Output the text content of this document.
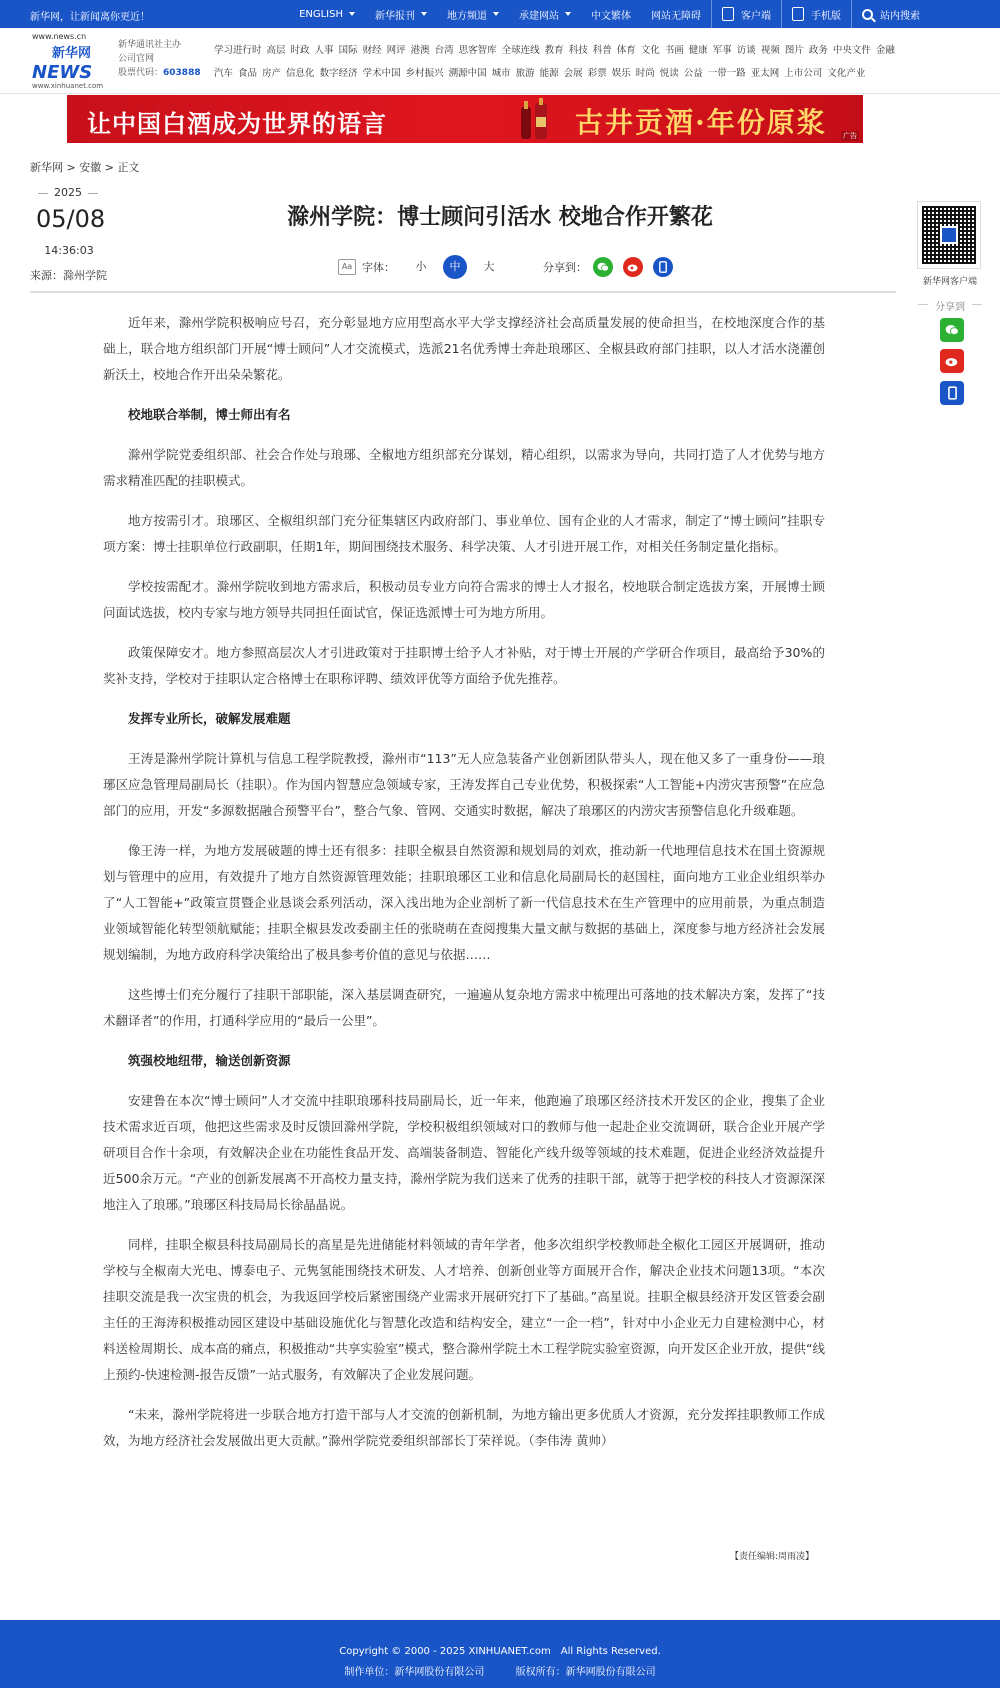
新华网，让新闻离你更近！	ENGLISH	新华报刊	地方频道	承建网站	中文繁体 网站无障碍	客户端	手机版	站内搜索
www.news.cn
新华网
NEWS
www.xinhuanet.com
新华通讯社主办
公司官网
股票代码：603888
学习进行时 高层 时政 人事 国际 财经 网评 港澳 台湾 思客智库 全球连线 教育 科技 科普 体育 文化 书画 健康 军事 访谈 视频 图片 政务 中央文件 金融
汽车 食品 房产 信息化 数字经济 学术中国 乡村振兴 溯源中国 城市 旅游 能源 会展 彩票 娱乐 时尚 悦读 公益 一带一路 亚太网 上市公司 文化产业
让中国白酒成为世界的语言	古井贡酒·年份原浆 广告
新华网 > 安徽 > 正文
2025
05/08
14:36:03
来源：滁州学院
滁州学院：博士顾问引活水 校地合作开繁花
Aa 字体：	小	中	大	分享到：
新华网客户端
分享到

近年来，滁州学院积极响应号召，充分彰显地方应用型高水平大学支撑经济社会高质量发展的使命担当，在校地深度合作的基础上，联合地方组织部门开展“博士顾问”人才交流模式，选派21名优秀博士奔赴琅琊区、全椒县政府部门挂职，以人才活水浇灌创新沃土，校地合作开出朵朵繁花。

校地联合举制，博士师出有名

滁州学院党委组织部、社会合作处与琅琊、全椒地方组织部充分谋划，精心组织，以需求为导向，共同打造了人才优势与地方需求精准匹配的挂职模式。

地方按需引才。琅琊区、全椒组织部门充分征集辖区内政府部门、事业单位、国有企业的人才需求，制定了“博士顾问”挂职专项方案：博士挂职单位行政副职，任期1年，期间围绕技术服务、科学决策、人才引进开展工作，对相关任务制定量化指标。

学校按需配才。滁州学院收到地方需求后，积极动员专业方向符合需求的博士人才报名，校地联合制定选拔方案，开展博士顾问面试选拔，校内专家与地方领导共同担任面试官，保证选派博士可为地方所用。

政策保障安才。地方参照高层次人才引进政策对于挂职博士给予人才补贴，对于博士开展的产学研合作项目，最高给予30%的奖补支持，学校对于挂职认定合格博士在职称评聘、绩效评优等方面给予优先推荐。

发挥专业所长，破解发展难题

王涛是滁州学院计算机与信息工程学院教授，滁州市“113”无人应急装备产业创新团队带头人，现在他又多了一重身份——琅琊区应急管理局副局长（挂职）。作为国内智慧应急领域专家，王涛发挥自己专业优势，积极探索“人工智能+内涝灾害预警”在应急部门的应用，开发“多源数据融合预警平台”，整合气象、管网、交通实时数据，解决了琅琊区的内涝灾害预警信息化升级难题。

像王涛一样，为地方发展破题的博士还有很多：挂职全椒县自然资源和规划局的刘欢，推动新一代地理信息技术在国土资源规划与管理中的应用，有效提升了地方自然资源管理效能；挂职琅琊区工业和信息化局副局长的赵国柱，面向地方工业企业组织举办了“人工智能+”政策宣贯暨企业恳谈会系列活动，深入浅出地为企业剖析了新一代信息技术在生产管理中的应用前景，为重点制造业领域智能化转型领航赋能；挂职全椒县发改委副主任的张晓萌在查阅搜集大量文献与数据的基础上，深度参与地方经济社会发展规划编制，为地方政府科学决策给出了极具参考价值的意见与依据……

这些博士们充分履行了挂职干部职能，深入基层调查研究，一遍遍从复杂地方需求中梳理出可落地的技术解决方案，发挥了“技术翻译者”的作用，打通科学应用的“最后一公里”。

筑强校地纽带，输送创新资源

安建鲁在本次“博士顾问”人才交流中挂职琅琊科技局副局长，近一年来，他跑遍了琅琊区经济技术开发区的企业，搜集了企业技术需求近百项，他把这些需求及时反馈回滁州学院，学校积极组织领域对口的教师与他一起赴企业交流调研，联合企业开展产学研项目合作十余项，有效解决企业在功能性食品开发、高端装备制造、智能化产线升级等领域的技术难题，促进企业经济效益提升近500余万元。“产业的创新发展离不开高校力量支持，滁州学院为我们送来了优秀的挂职干部，就等于把学校的科技人才资源深深地注入了琅琊。”琅琊区科技局局长徐晶晶说。

同样，挂职全椒县科技局副局长的高星是先进储能材料领域的青年学者，他多次组织学校教师赴全椒化工园区开展调研，推动学校与全椒南大光电、博泰电子、元隽氢能围绕技术研发、人才培养、创新创业等方面展开合作，解决企业技术问题13项。“本次挂职交流是我一次宝贵的机会，为我返回学校后紧密围绕产业需求开展研究打下了基础。”高星说。挂职全椒县经济开发区管委会副主任的王海涛积极推动园区建设中基础设施优化与智慧化改造和结构安全，建立“一企一档”，针对中小企业无力自建检测中心，材料送检周期长、成本高的痛点，积极推动“共享实验室”模式，整合滁州学院土木工程学院实验室资源，向开发区企业开放，提供“线上预约-快速检测-报告反馈”一站式服务，有效解决了企业发展问题。

“未来，滁州学院将进一步联合地方打造干部与人才交流的创新机制，为地方输出更多优质人才资源，充分发挥挂职教师工作成效，为地方经济社会发展做出更大贡献。”滁州学院党委组织部部长丁荣祥说。（李伟涛 黄帅）

【责任编辑:周雨凌】
Copyright © 2000 - 2025 XINHUANET.com　All Rights Reserved.
制作单位：新华网股份有限公司	版权所有：新华网股份有限公司
